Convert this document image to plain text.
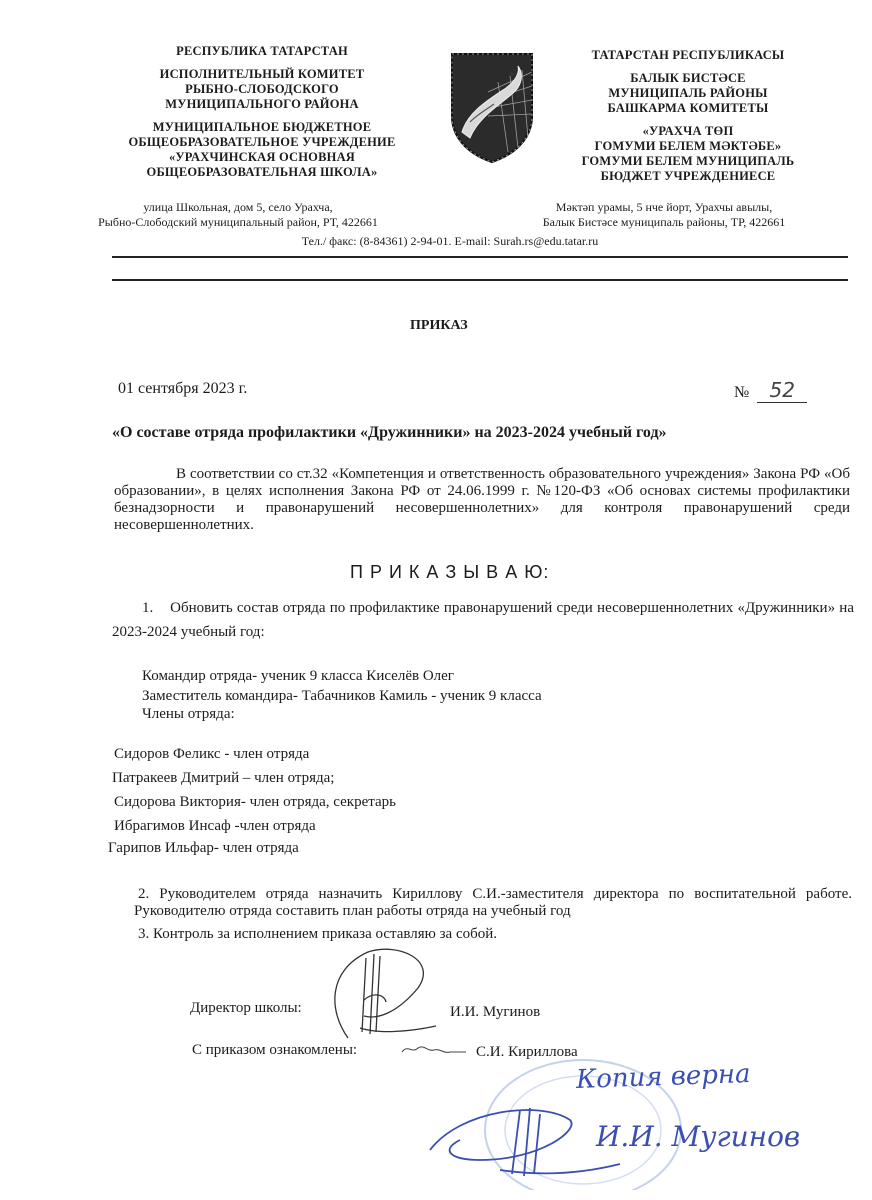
РЕСПУБЛИКА ТАТАРСТАН
ИСПОЛНИТЕЛЬНЫЙ КОМИТЕТ
РЫБНО-СЛОБОДСКОГО
МУНИЦИПАЛЬНОГО РАЙОНА
МУНИЦИПАЛЬНОЕ БЮДЖЕТНОЕ
ОБЩЕОБРАЗОВАТЕЛЬНОЕ УЧРЕЖДЕНИЕ
«УРАХЧИНСКАЯ ОСНОВНАЯ
ОБЩЕОБРАЗОВАТЕЛЬНАЯ ШКОЛА»
ТАТАРСТАН РЕСПУБЛИКАСЫ
БАЛЫК БИСТӘСЕ
МУНИЦИПАЛЬ РАЙОНЫ
БАШКАРМА КОМИТЕТЫ
«УРАХЧА ТӨП
ГОМУМИ БЕЛЕМ МӘКТӘБЕ»
ГОМУМИ БЕЛЕМ МУНИЦИПАЛЬ
БЮДЖЕТ УЧРЕЖДЕНИЕСЕ
улица Школьная, дом 5, село Урахча,
Рыбно-Слободский муниципальный район, РТ, 422661
Мәктәп урамы, 5 нче йорт, Урахчы авылы,
Балык Бистәсе муниципаль районы, ТР, 422661
Тел./ факс: (8-84361) 2-94-01. E-mail: Surah.rs@edu.tatar.ru
ПРИКАЗ
01 сентября 2023 г.	№ 52
«О составе отряда профилактики «Дружинники» на 2023-2024 учебный год»
В соответствии со ст.32 «Компетенция и ответственность образовательного учреждения» Закона РФ «Об образовании», в целях исполнения Закона РФ от 24.06.1999 г. №120-ФЗ «Об основах системы профилактики безнадзорности и правонарушений несовершеннолетних» для контроля правонарушений среди несовершеннолетних.
П Р И К А З Ы В А Ю:
1. Обновить состав отряда по профилактике правонарушений среди несовершеннолетних «Дружинники» на 2023-2024 учебный год:
Командир отряда- ученик 9 класса Киселёв Олег
Заместитель командира- Табачников Камиль - ученик 9 класса
Члены отряда:
Сидоров Феликс - член отряда
Патракеев Дмитрий – член отряда;
Сидорова Виктория- член отряда, секретарь
Ибрагимов Инсаф -член отряда
Гарипов Ильфар- член отряда
2. Руководителем отряда назначить Кириллову С.И.-заместителя директора по воспитательной работе. Руководителю отряда составить план работы отряда на учебный год
3. Контроль за исполнением приказа оставляю за собой.
Директор школы:	И.И. Мугинов
С приказом ознакомлены:	С.И. Кириллова
Копия верна
И.И. Мугинов
